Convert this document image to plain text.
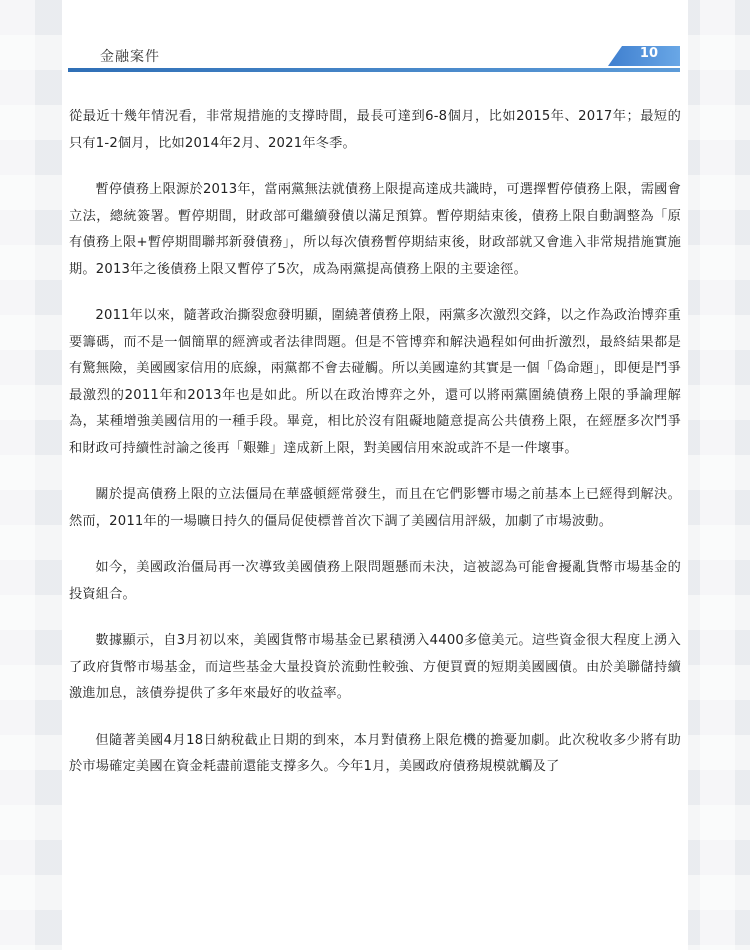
金融案件	10

從最近十幾年情況看，非常規措施的支撐時間，最長可達到6-8個月，比如2015年、2017年；最短的只有1-2個月，比如2014年2月、2021年冬季。

暫停債務上限源於2013年，當兩黨無法就債務上限提高達成共識時，可選擇暫停債務上限，需國會立法，總統簽署。暫停期間，財政部可繼續發債以滿足預算。暫停期結束後，債務上限自動調整為「原有債務上限+暫停期間聯邦新發債務」，所以每次債務暫停期結束後，財政部就又會進入非常規措施實施期。2013年之後債務上限又暫停了5次，成為兩黨提高債務上限的主要途徑。

2011年以來，隨著政治撕裂愈發明顯，圍繞著債務上限，兩黨多次激烈交鋒，以之作為政治博弈重要籌碼，而不是一個簡單的經濟或者法律問題。但是不管博弈和解決過程如何曲折激烈，最終結果都是有驚無險，美國國家信用的底線，兩黨都不會去碰觸。所以美國違約其實是一個「偽命題」，即便是鬥爭最激烈的2011年和2013年也是如此。所以在政治博弈之外，還可以將兩黨圍繞債務上限的爭論理解為，某種增強美國信用的一種手段。畢竟，相比於沒有阻礙地隨意提高公共債務上限，在經歷多次鬥爭和財政可持續性討論之後再「艱難」達成新上限，對美國信用來說或許不是一件壞事。

關於提高債務上限的立法僵局在華盛頓經常發生，而且在它們影響市場之前基本上已經得到解決。然而，2011年的一場曠日持久的僵局促使標普首次下調了美國信用評級，加劇了市場波動。

如今，美國政治僵局再一次導致美國債務上限問題懸而未決，這被認為可能會擾亂貨幣市場基金的投資組合。

數據顯示，自3月初以來，美國貨幣市場基金已累積湧入4400多億美元。這些資金很大程度上湧入了政府貨幣市場基金，而這些基金大量投資於流動性較強、方便買賣的短期美國國債。由於美聯儲持續激進加息，該債券提供了多年來最好的收益率。

但隨著美國4月18日納稅截止日期的到來，本月對債務上限危機的擔憂加劇。此次稅收多少將有助於市場確定美國在資金耗盡前還能支撐多久。今年1月，美國政府債務規模就觸及了
